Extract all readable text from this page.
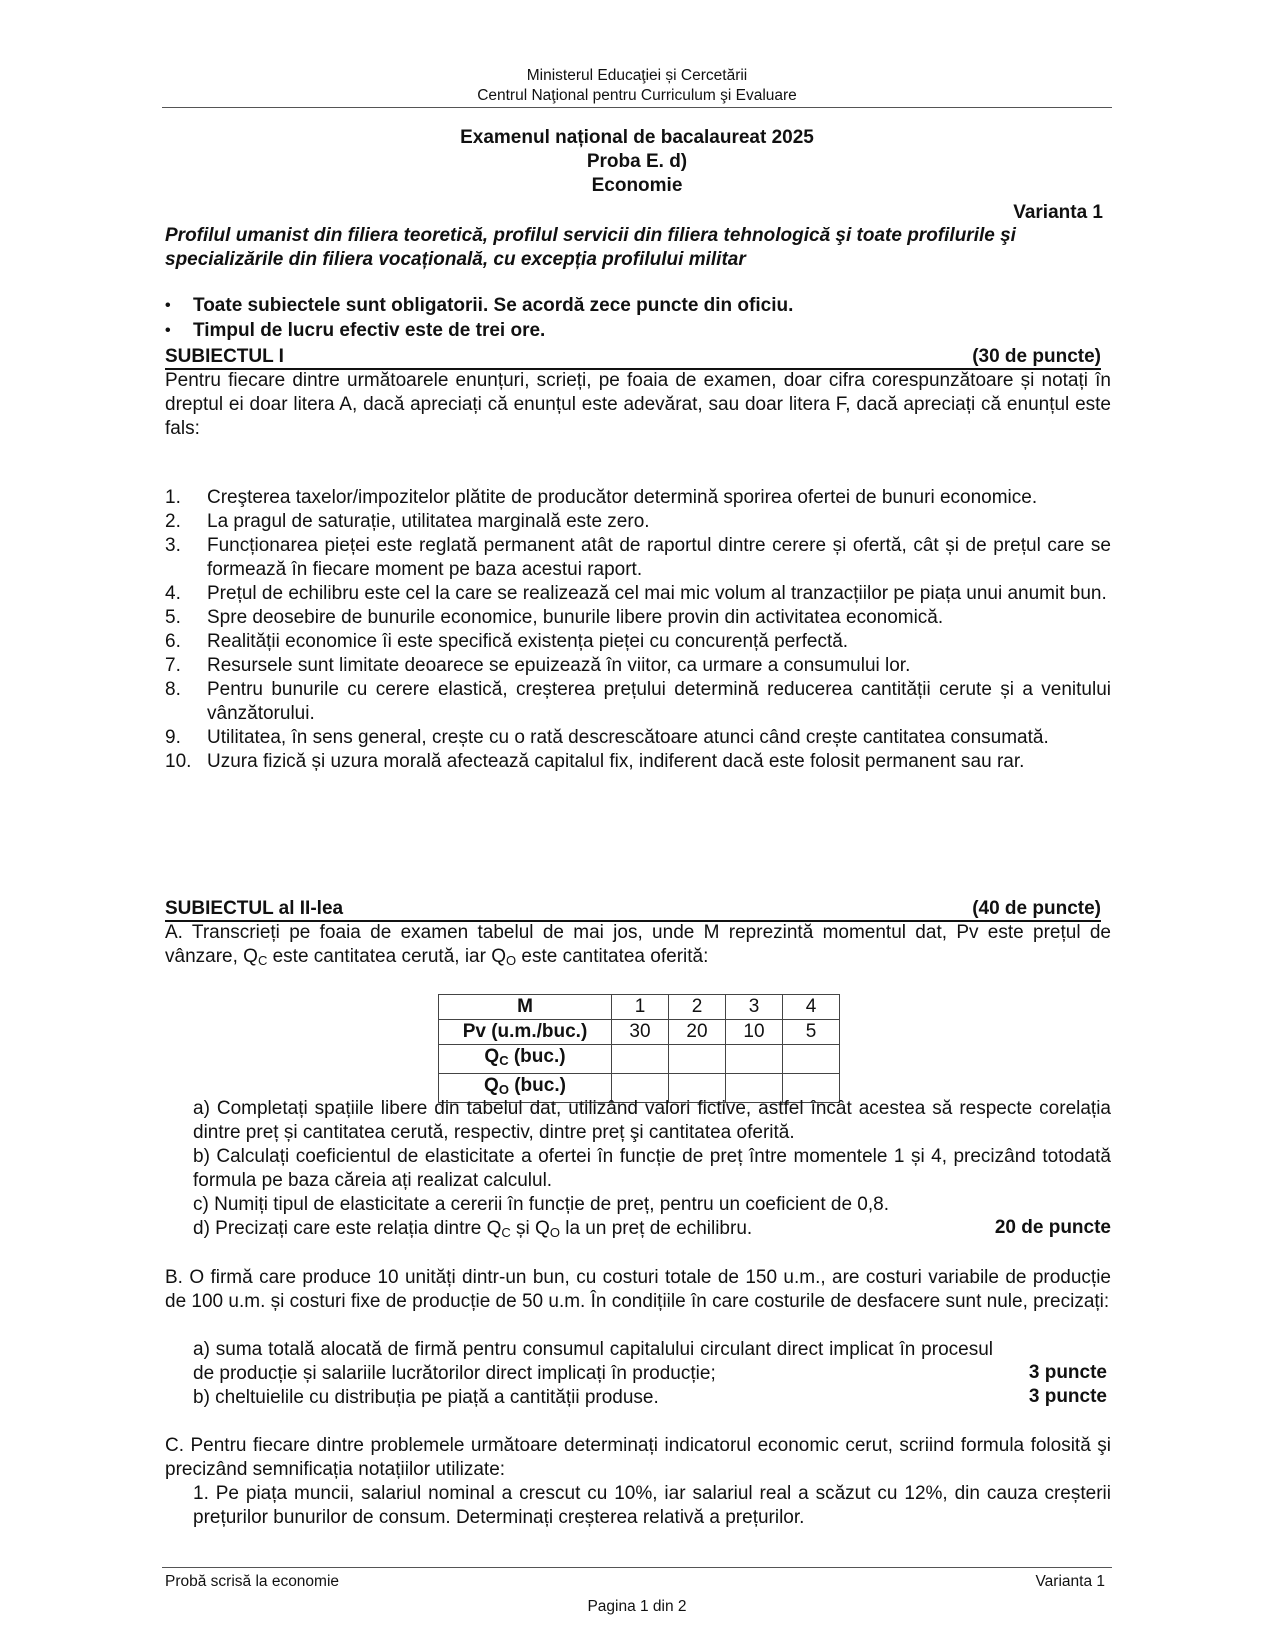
Ministerul Educaţiei și Cercetării
Centrul Naţional pentru Curriculum şi Evaluare
Examenul național de bacalaureat 2025
Proba E. d)
Economie
Varianta 1
Profilul umanist din filiera teoretică, profilul servicii din filiera tehnologică şi toate profilurile şi specializările din filiera vocațională, cu excepția profilului militar
• Toate subiectele sunt obligatorii. Se acordă zece puncte din oficiu.
• Timpul de lucru efectiv este de trei ore.
SUBIECTUL I	(30 de puncte)
Pentru fiecare dintre următoarele enunțuri, scrieți, pe foaia de examen, doar cifra corespunzătoare și notați în dreptul ei doar litera A, dacă apreciați că enunțul este adevărat, sau doar litera F, dacă apreciați că enunțul este fals:
1. Creşterea taxelor/impozitelor plătite de producător determină sporirea ofertei de bunuri economice.
2. La pragul de saturație, utilitatea marginală este zero.
3. Funcționarea pieței este reglată permanent atât de raportul dintre cerere și ofertă, cât și de prețul care se formează în fiecare moment pe baza acestui raport.
4. Prețul de echilibru este cel la care se realizează cel mai mic volum al tranzacțiilor pe piața unui anumit bun.
5. Spre deosebire de bunurile economice, bunurile libere provin din activitatea economică.
6. Realității economice îi este specifică existența pieței cu concurență perfectă.
7. Resursele sunt limitate deoarece se epuizează în viitor, ca urmare a consumului lor.
8. Pentru bunurile cu cerere elastică, creșterea prețului determină reducerea cantității cerute și a venitului vânzătorului.
9. Utilitatea, în sens general, crește cu o rată descrescătoare atunci când crește cantitatea consumată.
10. Uzura fizică și uzura morală afectează capitalul fix, indiferent dacă este folosit permanent sau rar.
SUBIECTUL al II-lea	(40 de puncte)
A. Transcrieți pe foaia de examen tabelul de mai jos, unde M reprezintă momentul dat, Pv este prețul de vânzare, $Q_C$ este cantitatea cerută, iar $Q_O$ este cantitatea oferită:
M	1	2	3	4
Pv (u.m./buc.)	30	20	10	5
$Q_C$ (buc.)				
$Q_O$ (buc.)				
a) Completați spațiile libere din tabelul dat, utilizând valori fictive, astfel încât acestea să respecte corelația dintre preț și cantitatea cerută, respectiv, dintre preț şi cantitatea oferită.
b) Calculați coeficientul de elasticitate a ofertei în funcție de preț între momentele 1 și 4, precizând totodată formula pe baza căreia ați realizat calculul.
c) Numiți tipul de elasticitate a cererii în funcție de preț, pentru un coeficient de 0,8.
d) Precizați care este relația dintre $Q_C$ și $Q_O$ la un preț de echilibru.	20 de puncte
B. O firmă care produce 10 unități dintr-un bun, cu costuri totale de 150 u.m., are costuri variabile de producție de 100 u.m. și costuri fixe de producție de 50 u.m. În condițiile în care costurile de desfacere sunt nule, precizați:
a) suma totală alocată de firmă pentru consumul capitalului circulant direct implicat în procesul de producție și salariile lucrătorilor direct implicați în producție;	3 puncte
b) cheltuielile cu distribuția pe piață a cantității produse.	3 puncte
C. Pentru fiecare dintre problemele următoare determinați indicatorul economic cerut, scriind formula folosită şi precizând semnificația notațiilor utilizate:
1. Pe piața muncii, salariul nominal a crescut cu 10%, iar salariul real a scăzut cu 12%, din cauza creșterii prețurilor bunurilor de consum. Determinați creșterea relativă a prețurilor.
Probă scrisă la economie	Varianta 1
Pagina 1 din 2
